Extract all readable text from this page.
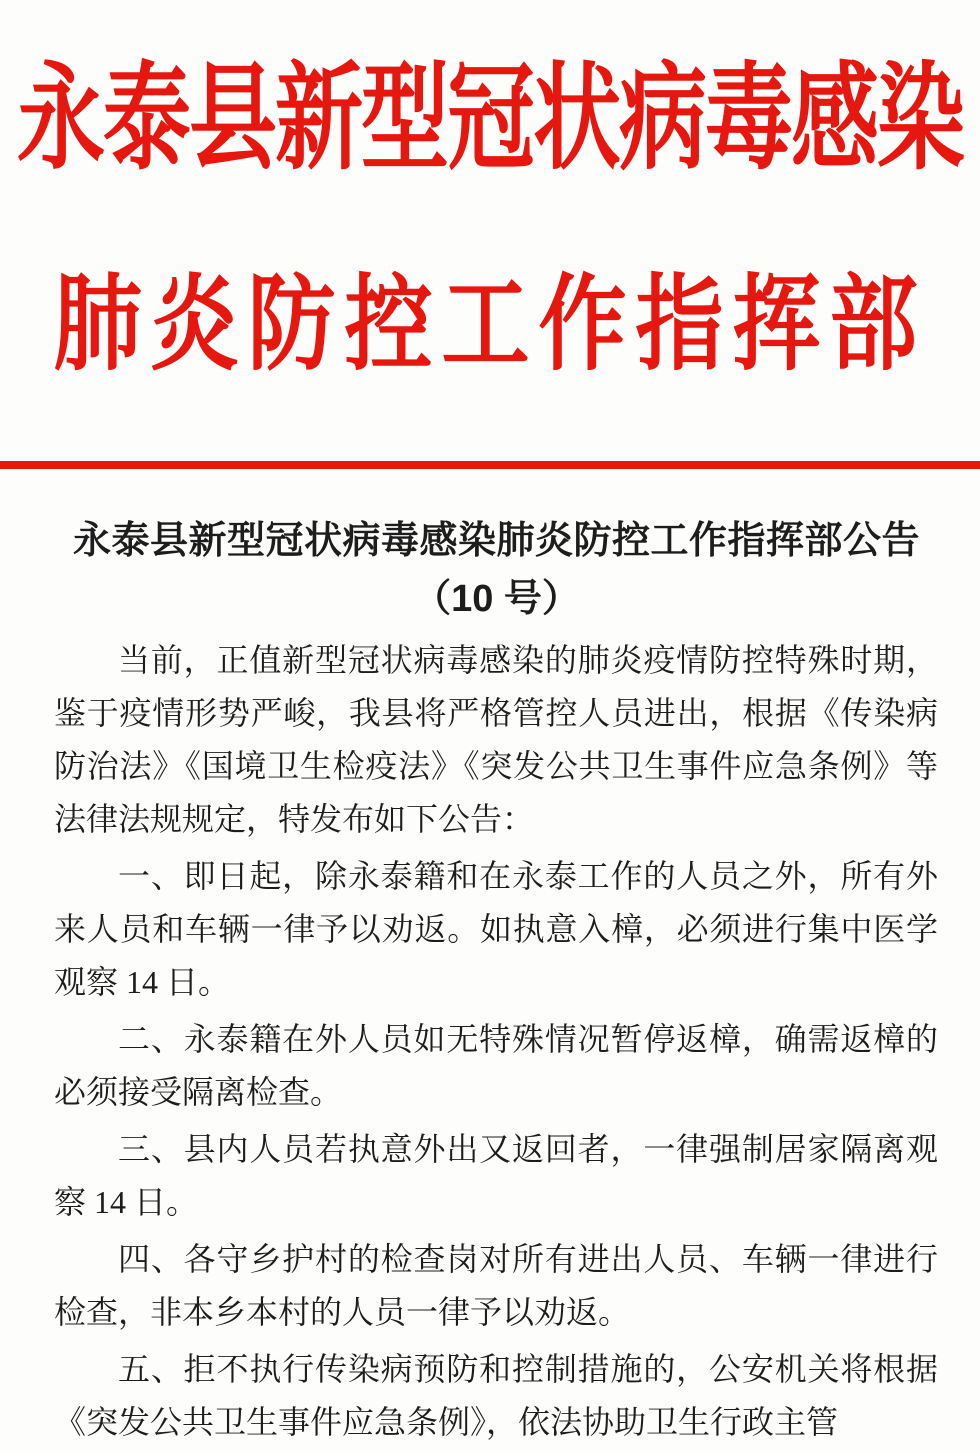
永泰县新型冠状病毒感染
肺炎防控工作指挥部
永泰县新型冠状病毒感染肺炎防控工作指挥部公告
（10 号）

当前，正值新型冠状病毒感染的肺炎疫情防控特殊时期，鉴于疫情形势严峻，我县将严格管控人员进出，根据《传染病防治法》《国境卫生检疫法》《突发公共卫生事件应急条例》等法律法规规定，特发布如下公告：

一、即日起，除永泰籍和在永泰工作的人员之外，所有外来人员和车辆一律予以劝返。如执意入樟，必须进行集中医学观察 14 日。

二、永泰籍在外人员如无特殊情况暂停返樟，确需返樟的必须接受隔离检查。

三、县内人员若执意外出又返回者，一律强制居家隔离观察 14 日。

四、各守乡护村的检查岗对所有进出人员、车辆一律进行检查，非本乡本村的人员一律予以劝返。

五、拒不执行传染病预防和控制措施的，公安机关将根据《突发公共卫生事件应急条例》，依法协助卫生行政主管
